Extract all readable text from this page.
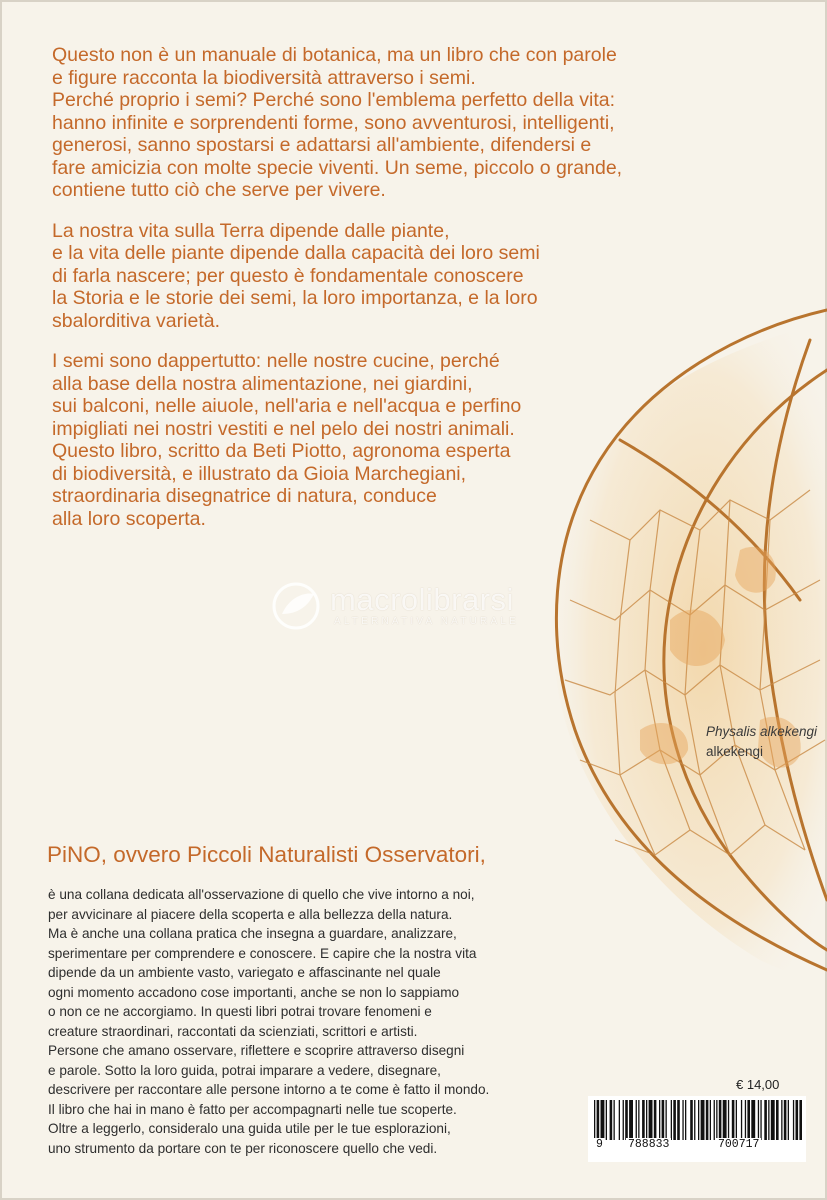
Questo non è un manuale di botanica, ma un libro che con parole
e figure racconta la biodiversità attraverso i semi.
Perché proprio i semi? Perché sono l'emblema perfetto della vita:
hanno infinite e sorprendenti forme, sono avventurosi, intelligenti,
generosi, sanno spostarsi e adattarsi all'ambiente, difendersi e
fare amicizia con molte specie viventi. Un seme, piccolo o grande,
contiene tutto ciò che serve per vivere.

La nostra vita sulla Terra dipende dalle piante,
e la vita delle piante dipende dalla capacità dei loro semi
di farla nascere; per questo è fondamentale conoscere
la Storia e le storie dei semi, la loro importanza, e la loro
sbalorditiva varietà.

I semi sono dappertutto: nelle nostre cucine, perché
alla base della nostra alimentazione, nei giardini,
sui balconi, nelle aiuole, nell'aria e nell'acqua e perfino
impigliati nei nostri vestiti e nel pelo dei nostri animali.
Questo libro, scritto da Beti Piotto, agronoma esperta
di biodiversità, e illustrato da Gioia Marchegiani,
straordinaria disegnatrice di natura, conduce
alla loro scoperta.

macrolibrarsi
ALTERNATIVA NATURALE
Physalis alkekengi
alkekengi
PiNO, ovvero Piccoli Naturalisti Osservatori,
è una collana dedicata all'osservazione di quello che vive intorno a noi,
per avvicinare al piacere della scoperta e alla bellezza della natura.
Ma è anche una collana pratica che insegna a guardare, analizzare,
sperimentare per comprendere e conoscere. E capire che la nostra vita
dipende da un ambiente vasto, variegato e affascinante nel quale
ogni momento accadono cose importanti, anche se non lo sappiamo
o non ce ne accorgiamo. In questi libri potrai trovare fenomeni e
creature straordinari, raccontati da scienziati, scrittori e artisti.
Persone che amano osservare, riflettere e scoprire attraverso disegni
e parole. Sotto la loro guida, potrai imparare a vedere, disegnare,
descrivere per raccontare alle persone intorno a te come è fatto il mondo.
Il libro che hai in mano è fatto per accompagnarti nelle tue scoperte.
Oltre a leggerlo, consideralo una guida utile per le tue esplorazioni,
uno strumento da portare con te per riconoscere quello che vedi.
€ 14,00
9 788833	700717
